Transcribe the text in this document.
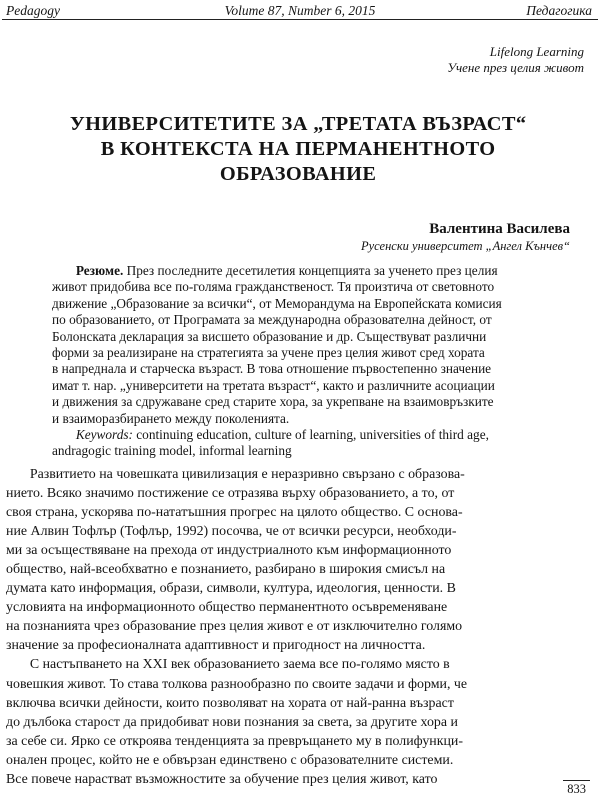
Pedagogy	Volume 87, Number 6, 2015	Педагогика
Lifelong Learning
Учене през целия живот
УНИВЕРСИТЕТИТЕ ЗА „ТРЕТАТА ВЪЗРАСТ“
В КОНТЕКСТА НА ПЕРМАНЕНТНОТО
ОБРАЗОВАНИЕ
Валентина Василева
Русенски университет „Ангел Кънчев“
Резюме. През последните десетилетия концепцията за ученето през целия
живот придобива все по-голяма гражданственост. Тя произтича от световното
движение „Образование за всички“, от Меморандума на Европейската комисия
по образованието, от Програмата за международна образователна дейност, от
Болонската декларация за висшето образование и др. Съществуват различни
форми за реализиране на стратегията за учене през целия живот сред хората
в напреднала и старческа възраст. В това отношение първостепенно значение
имат т. нар. „университети на третата възраст“, както и различните асоциации
и движения за сдружаване сред старите хора, за укрепване на взаимовръзките
и взаиморазбирането между поколенията.
Keywords: continuing education, culture of learning, universities of third age,
andragogic training model, informal learning
Развитието на човешката цивилизация е неразривно свързано с образова-
нието. Всяко значимо постижение се отразява върху образованието, а то, от
своя страна, ускорява по-нататъшния прогрес на цялото общество. С основа-
ние Алвин Тофлър (Тофлър, 1992) посочва, че от всички ресурси, необходи-
ми за осъществяване на прехода от индустриалното към информационното
общество, най-всеобхватно е познанието, разбирано в широкия смисъл на
думата като информация, образи, символи, култура, идеология, ценности. В
условията на информационното общество перманентното осъвременяване
на познанията чрез образование през целия живот е от изключително голямо
значение за професионалната адаптивност и пригодност на личността.
С настъпването на XXI век образованието заема все по-голямо място в
човешкия живот. То става толкова разнообразно по своите задачи и форми, че
включва всички дейности, които позволяват на хората от най-ранна възраст
до дълбока старост да придобиват нови познания за света, за другите хора и
за себе си. Ярко се откроява тенденцията за превръщането му в полифункци-
онален процес, който не е обвързан единствено с образователните системи.
Все повече нарастват възможностите за обучение през целия живот, като
833
